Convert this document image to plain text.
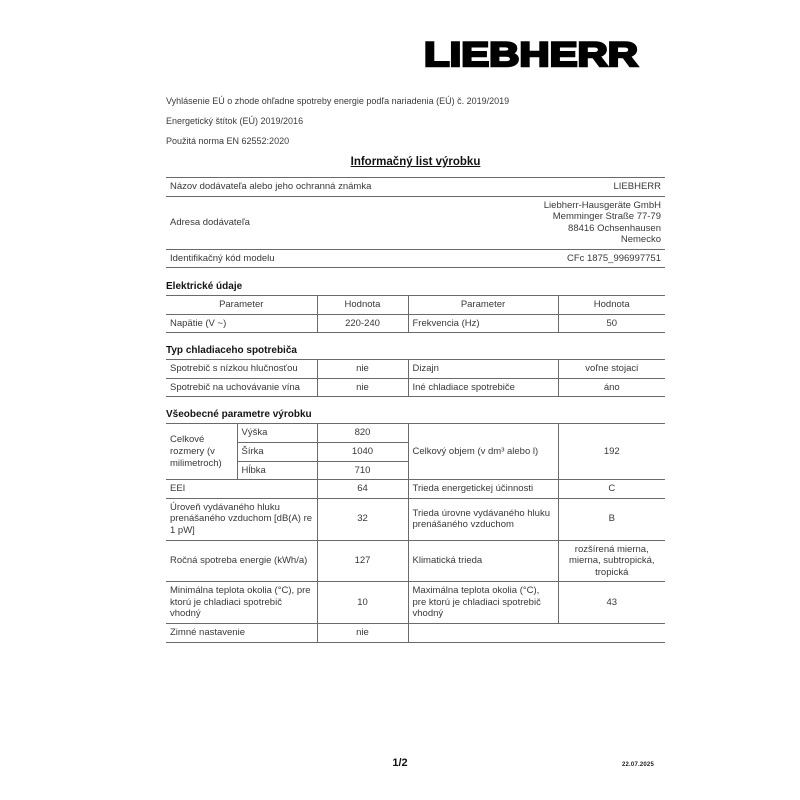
LIEBHERR
Vyhlásenie EÚ o zhode ohľadne spotreby energie podľa nariadenia (EÚ) č. 2019/2019
Energetický štítok (EÚ) 2019/2016
Použitá norma EN 62552:2020
Informačný list výrobku
Názov dodávateľa alebo jeho ochranná známka	LIEBHERR
Adresa dodávateľa	Liebherr-Hausgeräte GmbH
Memminger Straße 77-79
88416 Ochsenhausen
Nemecko

Identifikačný kód modelu	CFc 1875_996997751
Elektrické údaje
Parameter	Hodnota	Parameter	Hodnota
Napätie (V ~)	220-240	Frekvencia (Hz)	50
Typ chladiaceho spotrebiča
Spotrebič s nízkou hlučnosťou	nie	Dizajn	voľne stojaci
Spotrebič na uchovávanie vína	nie	Iné chladiace spotrebiče	áno
Všeobecné parametre výrobku
Celkové rozmery (v milimetroch)	Výška	820	Celkový objem (v dm³ alebo l)	192
	Šírka	1040		
	Hĺbka	710		
EEI		64	Trieda energetickej účinnosti	C
Úroveň vydávaného hluku prenášaného vzduchom [dB(A) re 1 pW]		32	Trieda úrovne vydávaného hluku prenášaného vzduchom	B
Ročná spotreba energie (kWh/a)		127	Klimatická trieda	rozšírená mierna, mierna, subtropická, tropická
Minimálna teplota okolia (°C), pre ktorú je chladiaci spotrebič vhodný		10	Maximálna teplota okolia (°C), pre ktorú je chladiaci spotrebič vhodný	43
Zimné nastavenie		nie		
1/2	22.07.2025
